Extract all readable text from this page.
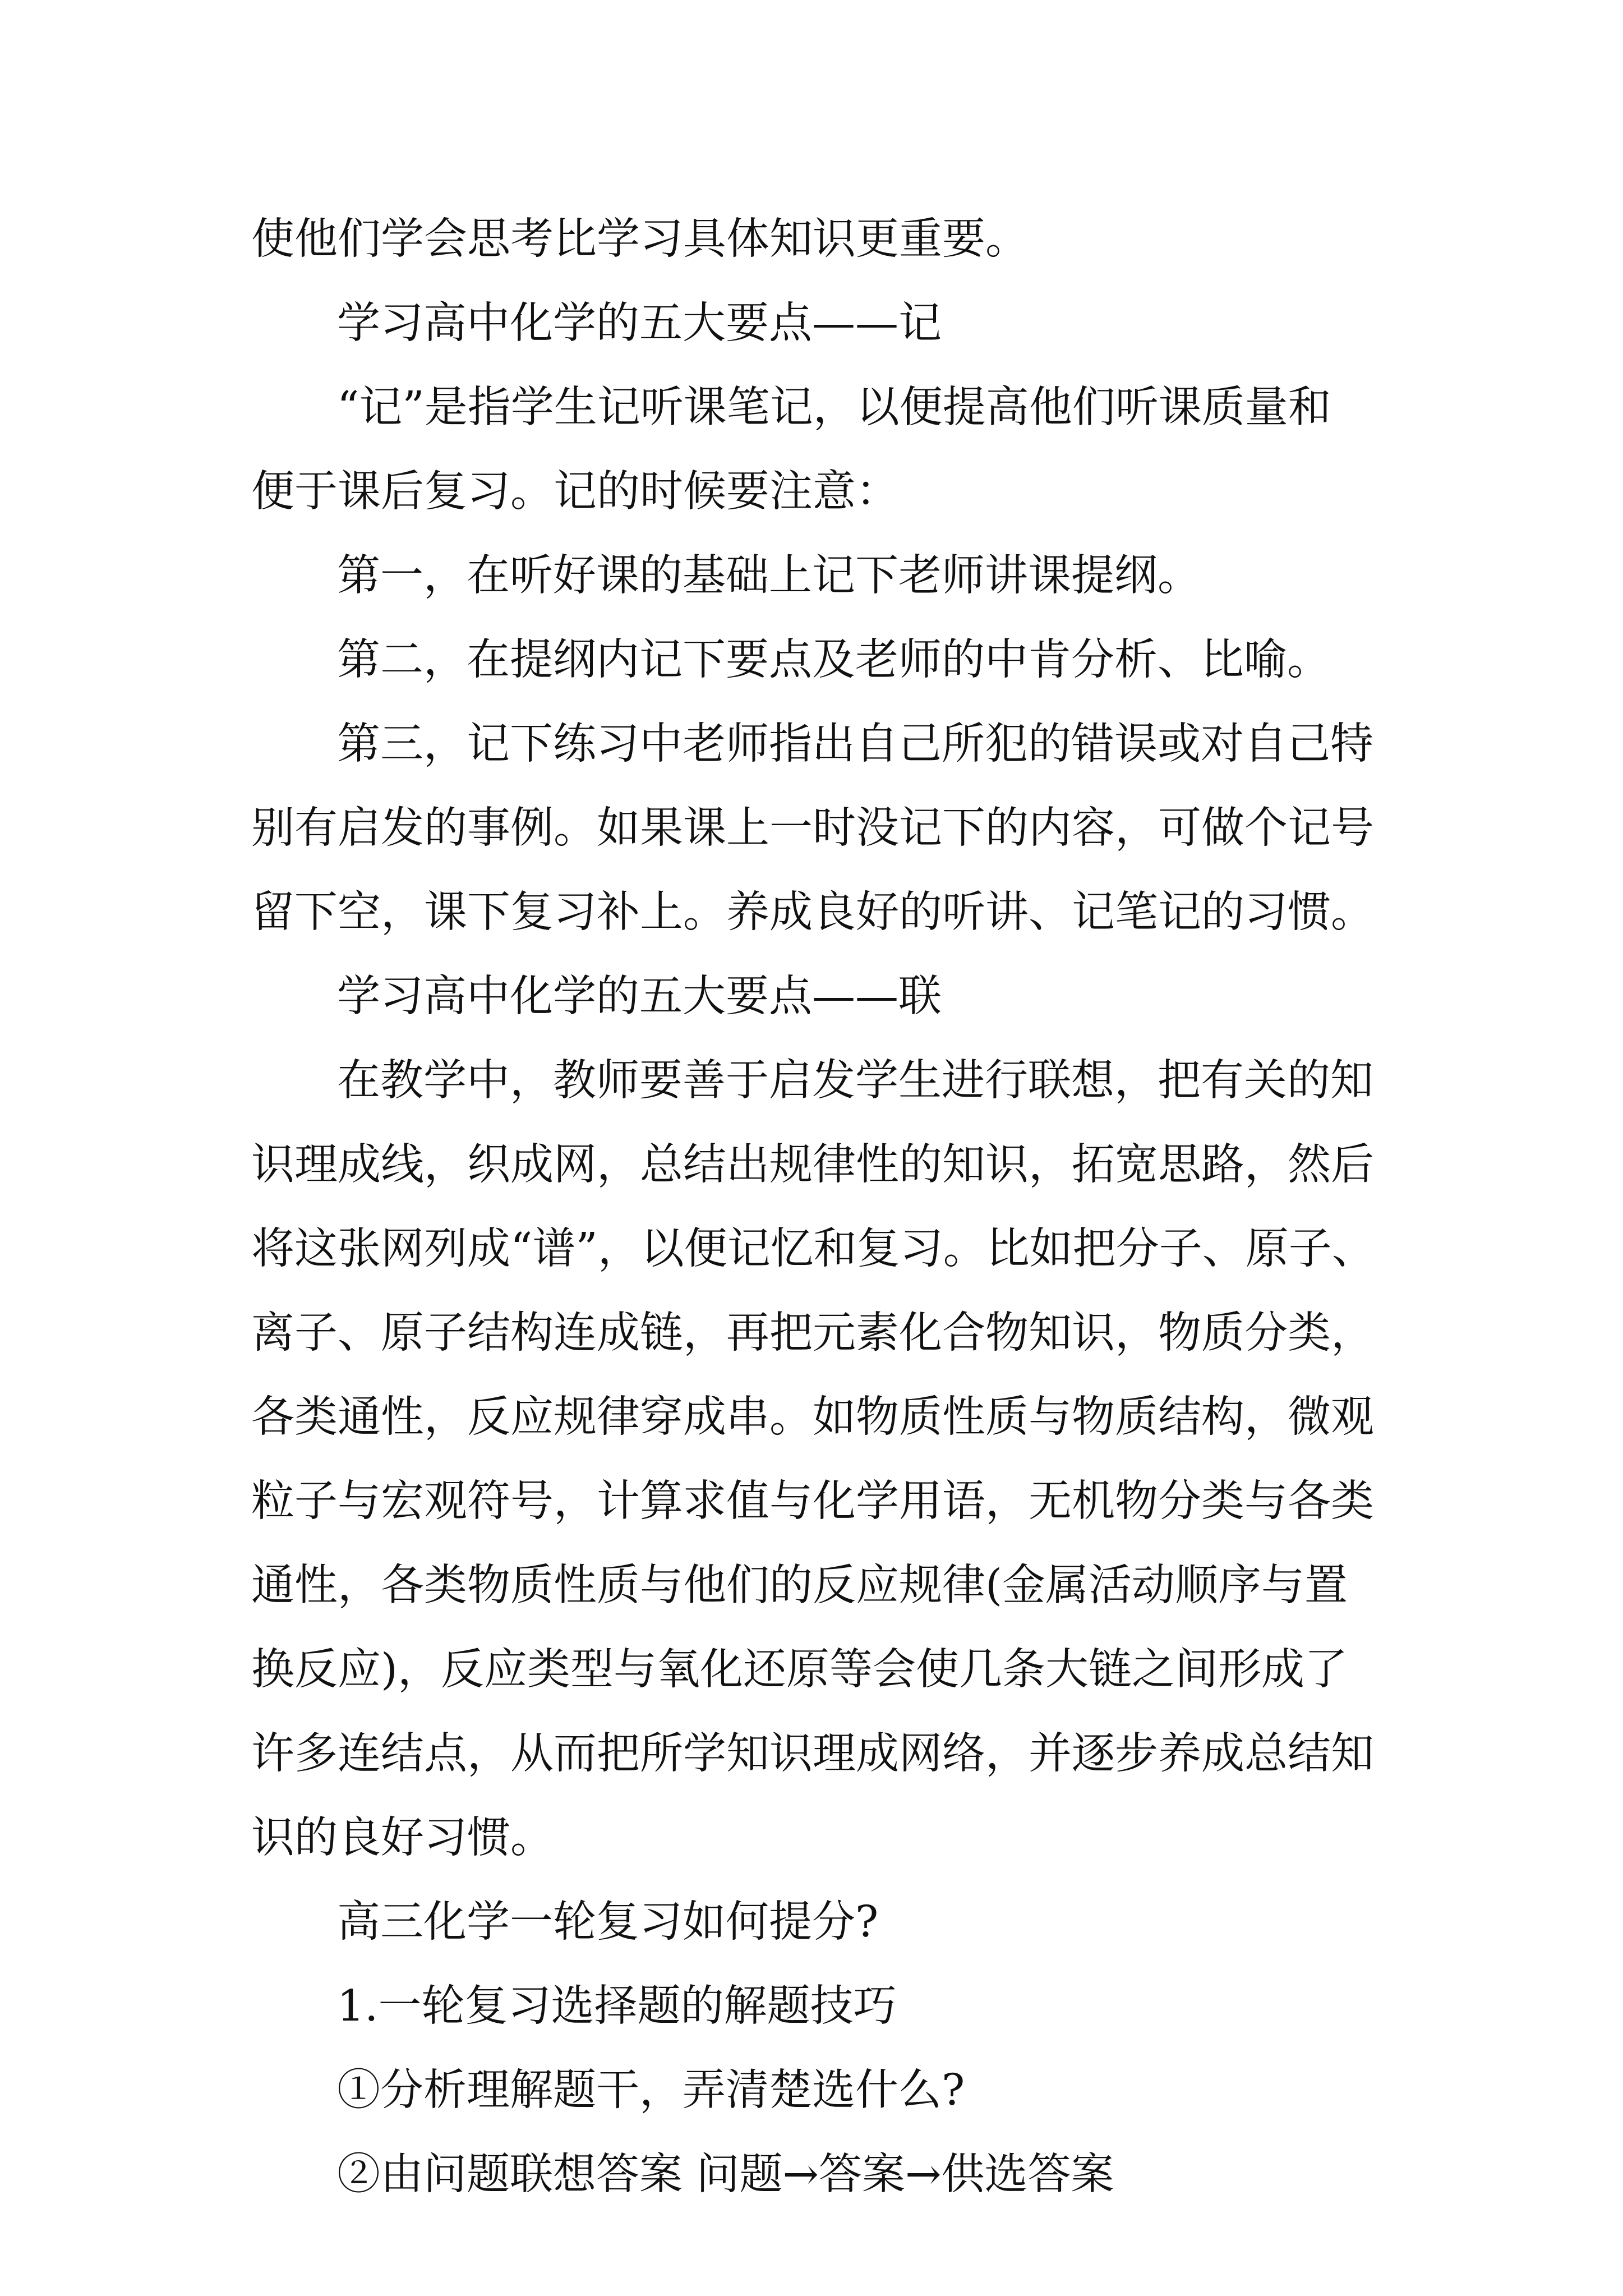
使他们学会思考比学习具体知识更重要。
学习高中化学的五大要点——记
“记”是指学生记听课笔记，以便提高他们听课质量和
便于课后复习。记的时候要注意：
第一，在听好课的基础上记下老师讲课提纲。
第二，在提纲内记下要点及老师的中肯分析、比喻。
第三，记下练习中老师指出自己所犯的错误或对自己特
别有启发的事例。如果课上一时没记下的内容，可做个记号
留下空，课下复习补上。养成良好的听讲、记笔记的习惯。
学习高中化学的五大要点——联
在教学中，教师要善于启发学生进行联想，把有关的知
识理成线，织成网，总结出规律性的知识，拓宽思路，然后
将这张网列成“谱”，以便记忆和复习。比如把分子、原子、
离子、原子结构连成链，再把元素化合物知识，物质分类，
各类通性，反应规律穿成串。如物质性质与物质结构，微观
粒子与宏观符号，计算求值与化学用语，无机物分类与各类
通性，各类物质性质与他们的反应规律(金属活动顺序与置
换反应)，反应类型与氧化还原等会使几条大链之间形成了
许多连结点，从而把所学知识理成网络，并逐步养成总结知
识的良好习惯。
高三化学一轮复习如何提分?
1.一轮复习选择题的解题技巧
①分析理解题干，弄清楚选什么?
②由问题联想答案 问题→答案→供选答案
